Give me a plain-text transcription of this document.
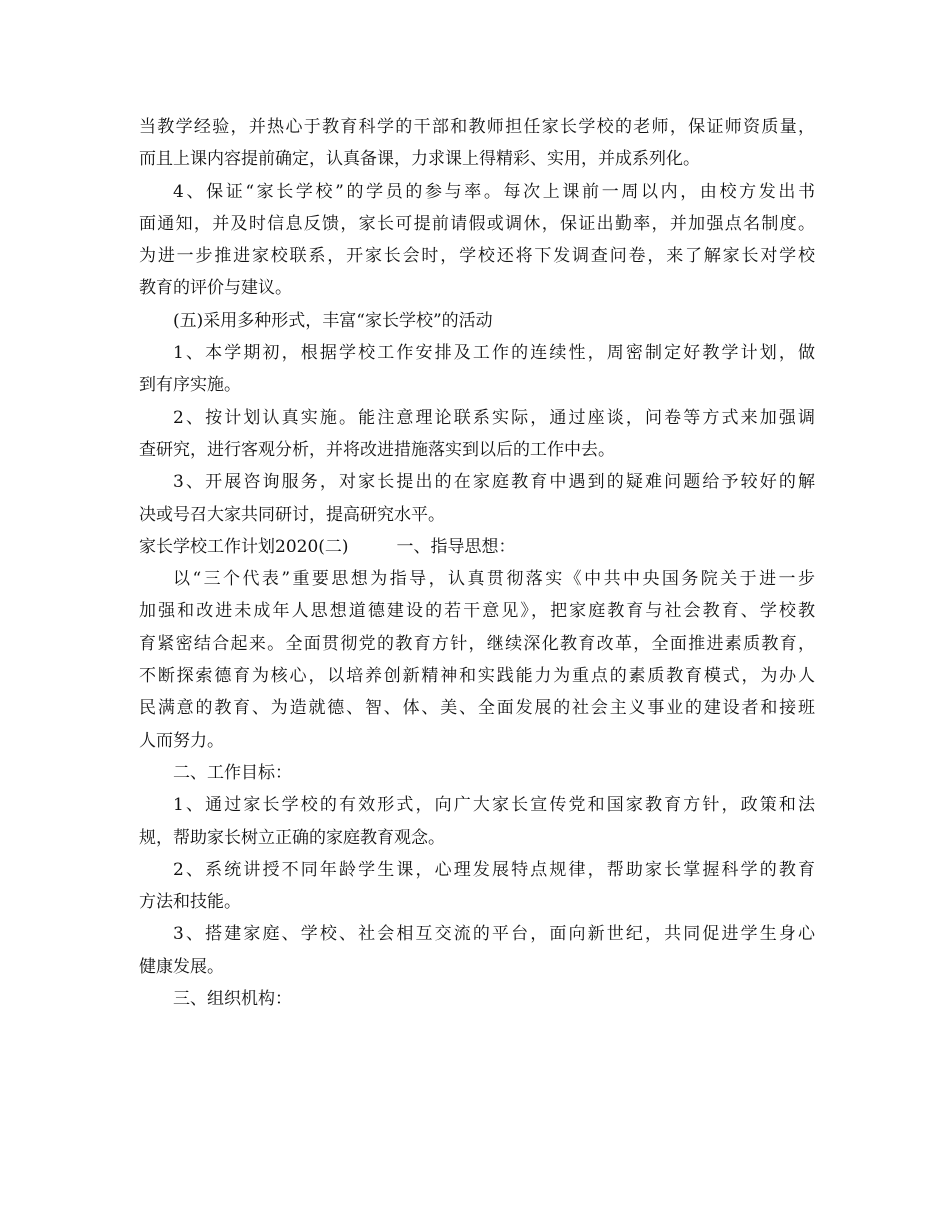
当教学经验，并热心于教育科学的干部和教师担任家长学校的老师，保证师资质量，
而且上课内容提前确定，认真备课，力求课上得精彩、实用，并成系列化。
4、保证“家长学校”的学员的参与率。每次上课前一周以内，由校方发出书
面通知，并及时信息反馈，家长可提前请假或调休，保证出勤率，并加强点名制度。
为进一步推进家校联系，开家长会时，学校还将下发调查问卷，来了解家长对学校
教育的评价与建议。
(五)采用多种形式，丰富“家长学校”的活动
1、本学期初，根据学校工作安排及工作的连续性，周密制定好教学计划，做
到有序实施。
2、按计划认真实施。能注意理论联系实际，通过座谈，问卷等方式来加强调
查研究，进行客观分析，并将改进措施落实到以后的工作中去。
3、开展咨询服务，对家长提出的在家庭教育中遇到的疑难问题给予较好的解
决或号召大家共同研讨，提高研究水平。
家长学校工作计划2020(二)	一、指导思想：
以“三个代表”重要思想为指导，认真贯彻落实《中共中央国务院关于进一步
加强和改进未成年人思想道德建设的若干意见》，把家庭教育与社会教育、学校教
育紧密结合起来。全面贯彻党的教育方针，继续深化教育改革，全面推进素质教育，
不断探索德育为核心，以培养创新精神和实践能力为重点的素质教育模式，为办人
民满意的教育、为造就德、智、体、美、全面发展的社会主义事业的建设者和接班
人而努力。
二、工作目标：
1、通过家长学校的有效形式，向广大家长宣传党和国家教育方针，政策和法
规，帮助家长树立正确的家庭教育观念。
2、系统讲授不同年龄学生课，心理发展特点规律，帮助家长掌握科学的教育
方法和技能。
3、搭建家庭、学校、社会相互交流的平台，面向新世纪，共同促进学生身心
健康发展。
三、组织机构：
